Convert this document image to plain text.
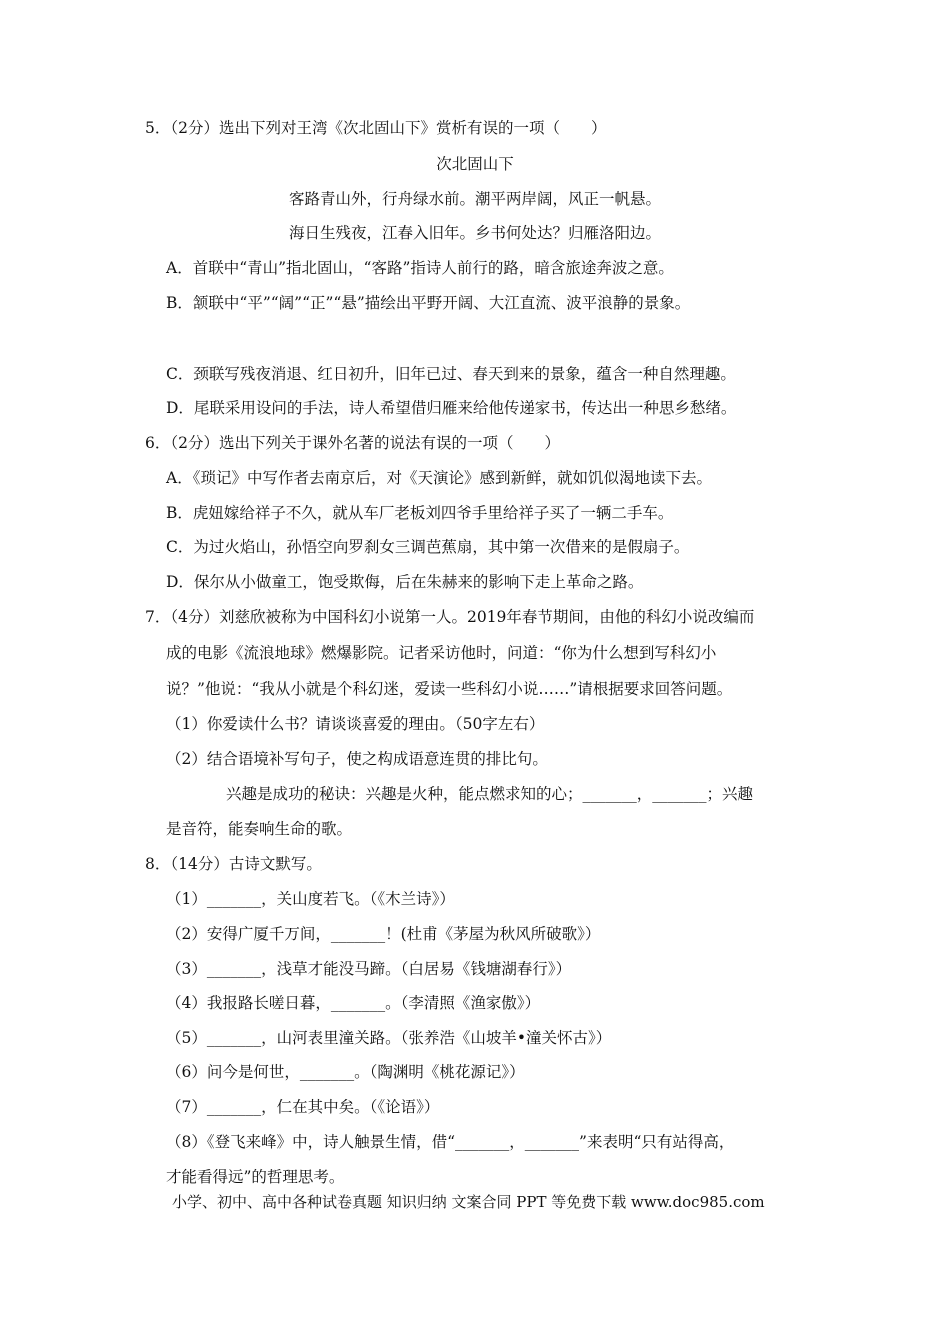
5．（2分）选出下列对王湾《次北固山下》赏析有误的一项（　　）
次北固山下
客路青山外，行舟绿水前。潮平两岸阔，风正一帆悬。
海日生残夜，江春入旧年。乡书何处达？归雁洛阳边。
A．首联中“青山”指北固山，“客路”指诗人前行的路，暗含旅途奔波之意。
B．颔联中“平”“阔”“正”“悬”描绘出平野开阔、大江直流、波平浪静的景象。
C．颈联写残夜消退、红日初升，旧年已过、春天到来的景象，蕴含一种自然理趣。
D．尾联采用设问的手法，诗人希望借归雁来给他传递家书，传达出一种思乡愁绪。
6．（2分）选出下列关于课外名著的说法有误的一项（　　）
A．《琐记》中写作者去南京后，对《天演论》感到新鲜，就如饥似渴地读下去。
B．虎妞嫁给祥子不久，就从车厂老板刘四爷手里给祥子买了一辆二手车。
C．为过火焰山，孙悟空向罗刹女三调芭蕉扇，其中第一次借来的是假扇子。
D．保尔从小做童工，饱受欺侮，后在朱赫来的影响下走上革命之路。
7．（4分）刘慈欣被称为中国科幻小说第一人。2019年春节期间，由他的科幻小说改编而
成的电影《流浪地球》燃爆影院。记者采访他时，问道：“你为什么想到写科幻小
说？”他说：“我从小就是个科幻迷，爱读一些科幻小说……”请根据要求回答问题。
（1）你爱读什么书？请谈谈喜爱的理由。（50字左右）
（2）结合语境补写句子，使之构成语意连贯的排比句。
兴趣是成功的秘诀：兴趣是火种，能点燃求知的心；_______，_______；兴趣
是音符，能奏响生命的歌。
8．（14分）古诗文默写。
（1）_______，关山度若飞。（《木兰诗》）
（2）安得广厦千万间，_______！(杜甫《茅屋为秋风所破歌》）
（3）_______，浅草才能没马蹄。（白居易《钱塘湖春行》）
（4）我报路长嗟日暮，_______。（李清照《渔家傲》）
（5）_______，山河表里潼关路。（张养浩《山坡羊•潼关怀古》）
（6）问今是何世，_______。（陶渊明《桃花源记》）
（7）_______，仁在其中矣。（《论语》）
（8）《登飞来峰》中，诗人触景生情，借“_______，_______”来表明“只有站得高，
才能看得远”的哲理思考。
小学、初中、高中各种试卷真题 知识归纳 文案合同 PPT 等免费下载 www.doc985.com
